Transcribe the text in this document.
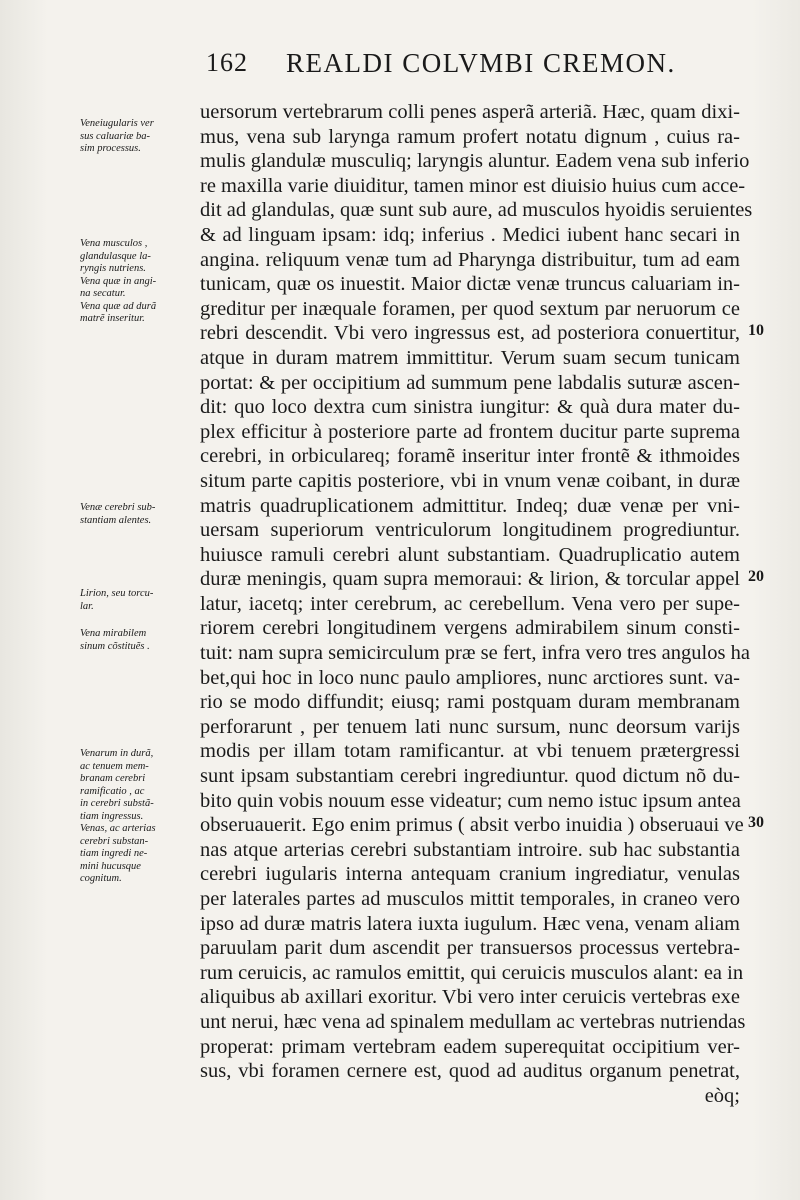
162 REALDI COLVMBI CREMON.
uersorum vertebrarum colli penes asperã arteriã. Hæc, quam dixi-
mus, vena sub larynga ramum profert notatu dignum , cuius ra-
mulis glandulæ musculiq; laryngis aluntur. Eadem vena sub inferio
re maxilla varie diuiditur, tamen minor est diuisio huius cum acce-
dit ad glandulas, quæ sunt sub aure, ad musculos hyoidis seruientes
& ad linguam ipsam: idq; inferius . Medici iubent hanc secari in
angina. reliquum venæ tum ad Pharynga distribuitur, tum ad eam
tunicam, quæ os inuestit. Maior dictæ venæ truncus caluariam in-
greditur per inæquale foramen, per quod sextum par neruorum ce
rebri descendit. Vbi vero ingressus est, ad posteriora conuertitur,
atque in duram matrem immittitur. Verum suam secum tunicam
portat: & per occipitium ad summum pene labdalis suturæ ascen-
dit: quo loco dextra cum sinistra iungitur: & quà dura mater du-
plex efficitur à posteriore parte ad frontem ducitur parte suprema
cerebri, in orbiculareq; foramẽ inseritur inter frontẽ & ithmoides
situm parte capitis posteriore, vbi in vnum venæ coibant, in duræ
matris quadruplicationem admittitur. Indeq; duæ venæ per vni-
uersam superiorum ventriculorum longitudinem progrediuntur.
huiusce ramuli cerebri alunt substantiam. Quadruplicatio autem
duræ meningis, quam supra memoraui: & lirion, & torcular appel
latur, iacetq; inter cerebrum, ac cerebellum. Vena vero per supe-
riorem cerebri longitudinem vergens admirabilem sinum consti-
tuit: nam supra semicirculum præ se fert, infra vero tres angulos ha
bet,qui hoc in loco nunc paulo ampliores, nunc arctiores sunt. va-
rio se modo diffundit; eiusq; rami postquam duram membranam
perforarunt , per tenuem lati nunc sursum, nunc deorsum varijs
modis per illam totam ramificantur. at vbi tenuem prætergressi
sunt ipsam substantiam cerebri ingrediuntur. quod dictum nõ du-
bito quin vobis nouum esse videatur; cum nemo istuc ipsum antea
obseruauerit. Ego enim primus ( absit verbo inuidia ) obseruaui ve
nas atque arterias cerebri substantiam introire. sub hac substantia
cerebri iugularis interna antequam cranium ingrediatur, venulas
per laterales partes ad musculos mittit temporales, in craneo vero
ipso ad duræ matris latera iuxta iugulum. Hæc vena, venam aliam
paruulam parit dum ascendit per transuersos processus vertebra-
rum ceruicis, ac ramulos emittit, qui ceruicis musculos alant: ea in
aliquibus ab axillari exoritur. Vbi vero inter ceruicis vertebras exe
unt nerui, hæc vena ad spinalem medullam ac vertebras nutriendas
properat: primam vertebram eadem superequitat occipitium ver-
sus, vbi foramen cernere est, quod ad auditus organum penetrat,
eòq;
Veneiugularis ver
sus caluariæ ba-
sim processus.
Vena musculos ,
glandulasque la-
ryngis nutriens.
Vena quæ in angi-
na secatur.
Vena quæ ad durã
matrẽ inseritur.
Venæ cerebri sub-
stantiam alentes.
Lirion, seu torcu-
lar.
Vena mirabilem
sinum cõstituẽs .
Venarum in durã,
ac tenuem mem-
branam cerebri
ramificatio , ac
in cerebri substã-
tiam ingressus.
Venas, ac arterias
cerebri substan-
tiam ingredi ne-
mini hucusque
cognitum.
10
20
30
